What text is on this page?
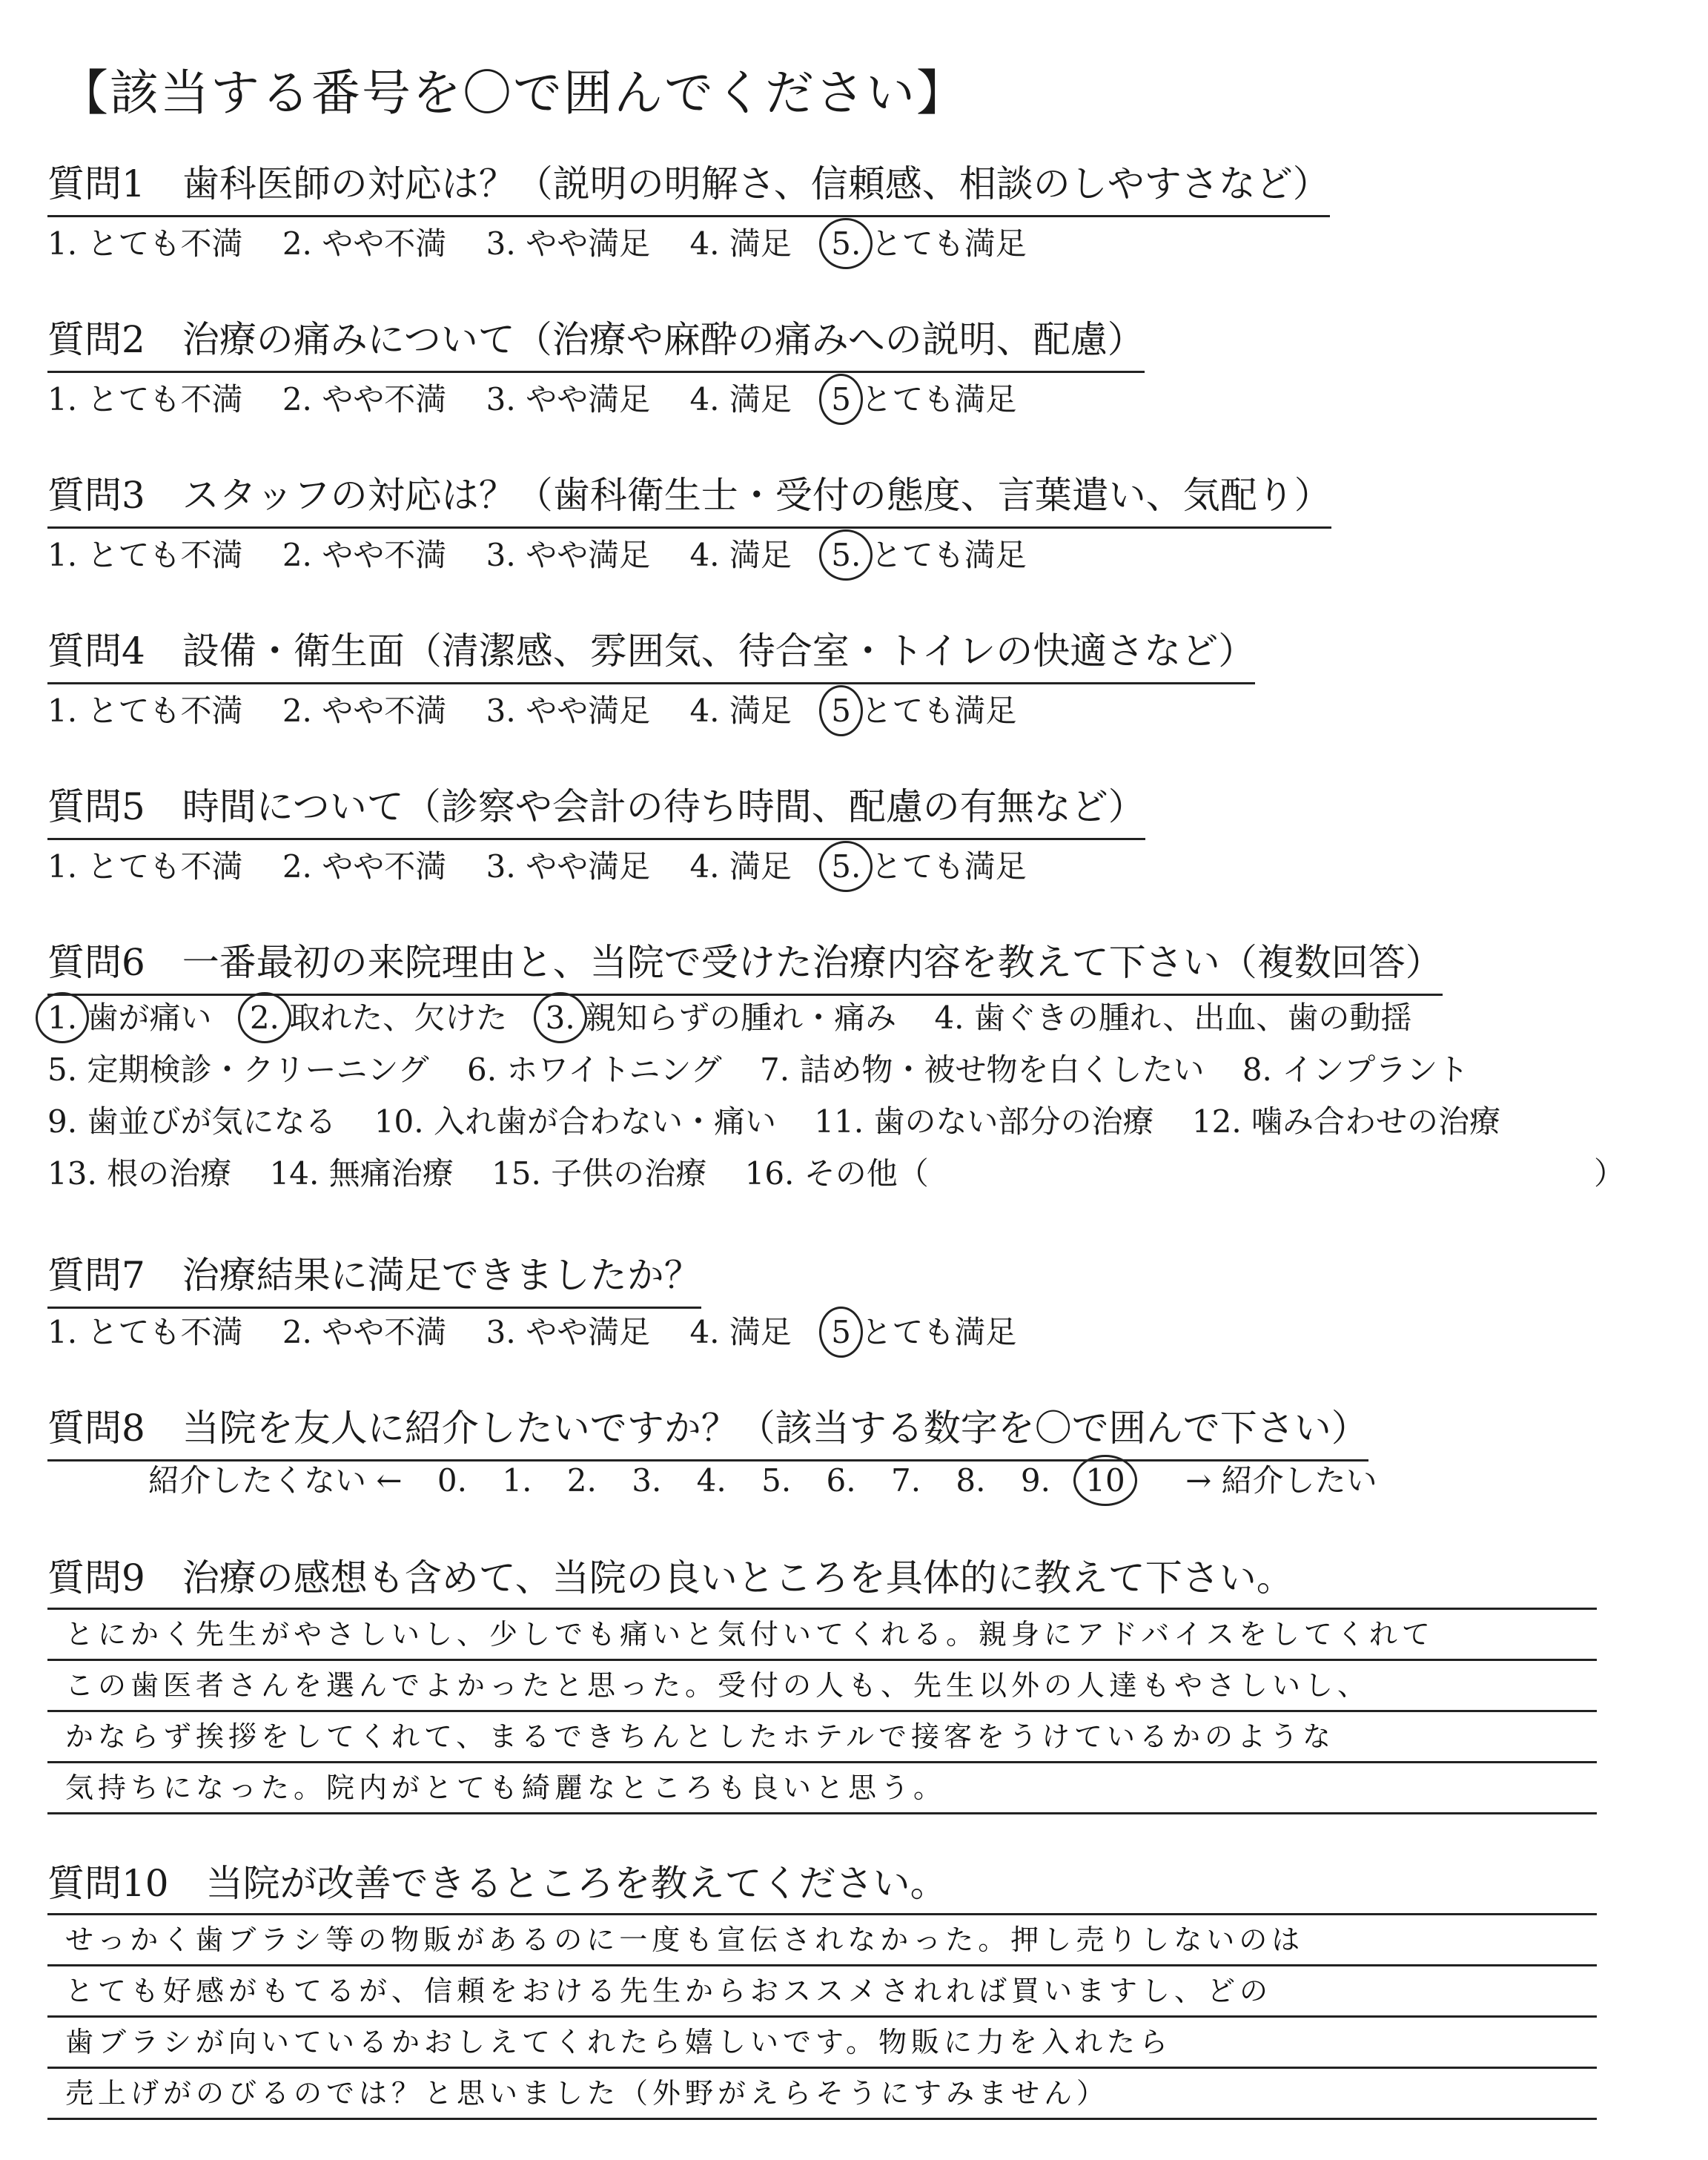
【該当する番号を〇で囲んでください】
質問1　歯科医師の対応は？（説明の明解さ、信頼感、相談のしやすさなど）
1. とても不満 2. やや不満 3. やや満足 4. 満足 5. とても満足
質問2　治療の痛みについて（治療や麻酔の痛みへの説明、配慮）
1. とても不満 2. やや不満 3. やや満足 4. 満足 5 とても満足
質問3　スタッフの対応は？（歯科衛生士・受付の態度、言葉遣い、気配り）
1. とても不満 2. やや不満 3. やや満足 4. 満足 5. とても満足
質問4　設備・衛生面（清潔感、雰囲気、待合室・トイレの快適さなど）
1. とても不満 2. やや不満 3. やや満足 4. 満足 5 とても満足
質問5　時間について（診察や会計の待ち時間、配慮の有無など）
1. とても不満 2. やや不満 3. やや満足 4. 満足 5. とても満足
質問6　一番最初の来院理由と、当院で受けた治療内容を教えて下さい（複数回答）
1. 歯が痛い 2. 取れた、欠けた 3. 親知らずの腫れ・痛み 4. 歯ぐきの腫れ、出血、歯の動揺
5. 定期検診・クリーニング 6. ホワイトニング 7. 詰め物・被せ物を白くしたい 8. インプラント
9. 歯並びが気になる 10. 入れ歯が合わない・痛い 11. 歯のない部分の治療 12. 噛み合わせの治療
13. 根の治療 14. 無痛治療 15. 子供の治療 16. その他（	）
質問7　治療結果に満足できましたか？
1. とても不満 2. やや不満 3. やや満足 4. 満足 5 とても満足
質問8　当院を友人に紹介したいですか？（該当する数字を〇で囲んで下さい）
紹介したくない ← 0. 1. 2. 3. 4. 5. 6. 7. 8. 9. 10 → 紹介したい
質問9　治療の感想も含めて、当院の良いところを具体的に教えて下さい。
とにかく先生がやさしいし、少しでも痛いと気付いてくれる。親身にアドバイスをしてくれて
この歯医者さんを選んでよかったと思った。受付の人も、先生以外の人達もやさしいし、
かならず挨拶をしてくれて、まるできちんとしたホテルで接客をうけているかのような
気持ちになった。院内がとても綺麗なところも良いと思う。
質問10　当院が改善できるところを教えてください。
せっかく歯ブラシ等の物販があるのに一度も宣伝されなかった。押し売りしないのは
とても好感がもてるが、信頼をおける先生からおススメされれば買いますし、どの
歯ブラシが向いているかおしえてくれたら嬉しいです。物販に力を入れたら
売上げがのびるのでは？と思いました（外野がえらそうにすみません）
